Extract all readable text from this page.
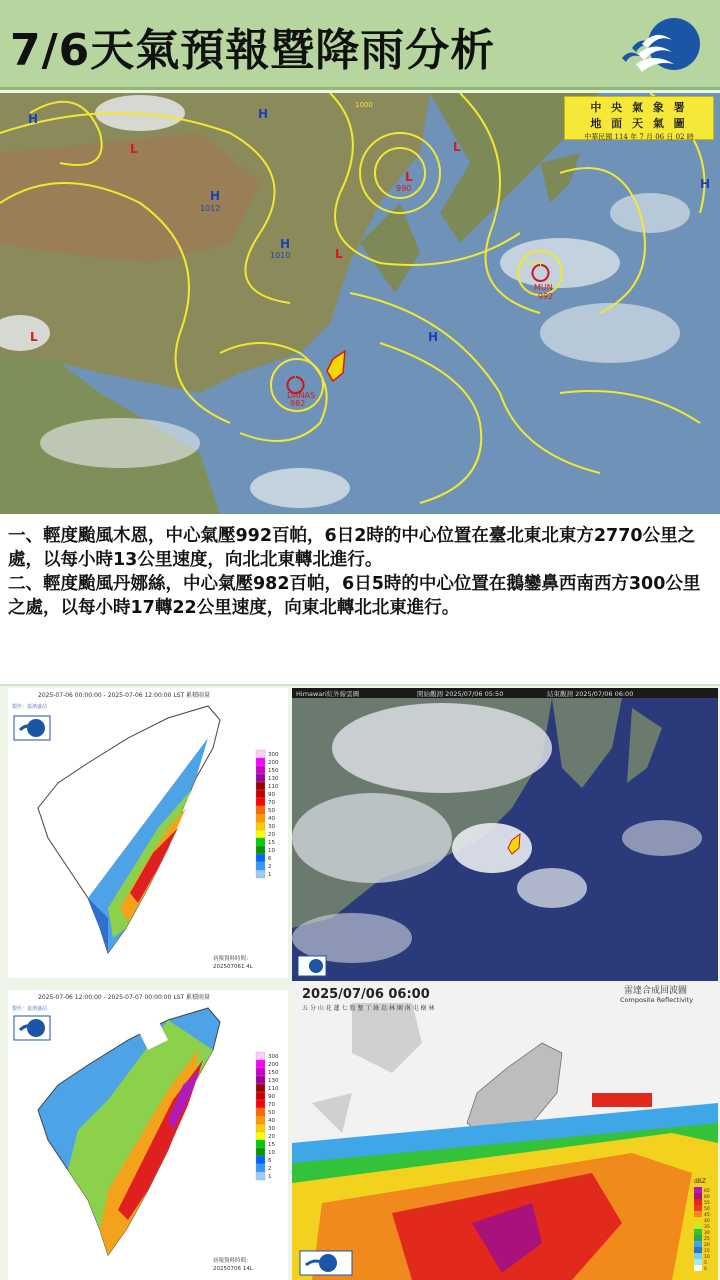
7/6天氣預報暨降雨分析
H	H
H
H
H
H
L
L
L
L
L
1012
1010
990
992
982
MUN
DANAS
1000
1000
中 央 氣 象 署
地 面 天 氣 圖
中華民國 114 年 7 月 06 日 02 時

一、輕度颱風木恩，中心氣壓992百帕，6日2時的中心位置在臺北東北東方2770公里之處，以每小時13公里速度，向北北東轉北進行。

二、輕度颱風丹娜絲，中心氣壓982百帕，6日5時的中心位置在鵝鑾鼻西南西方300公里之處，以每小時17轉22公里速度，向東北轉北北東進行。

2025-07-06 00:00:00 - 2025-07-06 12:00:00 LST 累積雨量
製作：嘉濱盛站
300
200
150
130
110
90
70
50
40
30
20
15
10
6
2
1
初報資料時間：
202507061 4L
2025-07-06 12:00:00 - 2025-07-07 00:00:00 LST 累積雨量
製作：嘉濱盛站
300
200
150
130
110
90
70
50
40
30
20
15
10
6
2
1
初報資料時間：
20250706 14L
Himawari紅外線雲圖	開始觀測 2025/07/06 05:50	結束觀測 2025/07/06 06:00
2025/07/06 06:00	雷達合成回波圖
Composite Reflectivity
五 分 山 花 蓮 七 股 墾 丁 綠 島 林 園 南 屯 樹 林
dBZ
65
60
55
50
45
40
35
30
25
20
15
10
5
0
